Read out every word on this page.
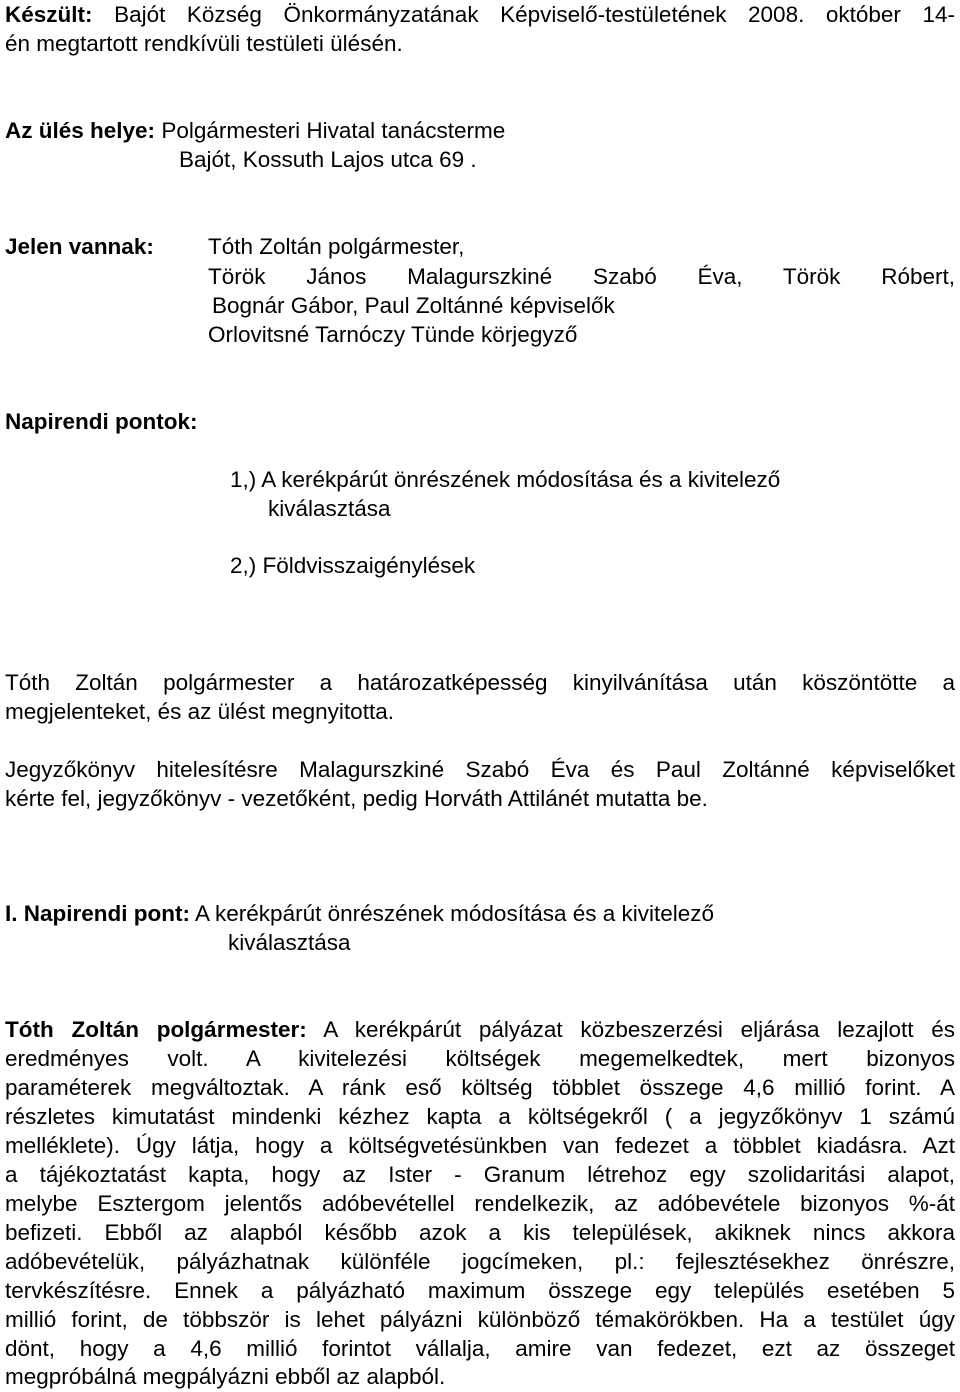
Készült: Bajót Község Önkormányzatának Képviselő-testületének 2008. október 14-
én megtartott rendkívüli testületi ülésén.
Az ülés helye: Polgármesteri Hivatal tanácsterme
Bajót, Kossuth Lajos utca 69 .
Jelen vannak: Tóth Zoltán polgármester,
Török János Malagurszkiné Szabó Éva, Török Róbert,
Bognár Gábor, Paul Zoltánné képviselők
Orlovitsné Tarnóczy Tünde körjegyző
Napirendi pontok:
1,) A kerékpárút önrészének módosítása és a kivitelező
kiválasztása
2,) Földvisszaigénylések
Tóth Zoltán polgármester a határozatképesség kinyilvánítása után köszöntötte a
megjelenteket, és az ülést megnyitotta.
Jegyzőkönyv hitelesítésre Malagurszkiné Szabó Éva és Paul Zoltánné képviselőket
kérte fel, jegyzőkönyv - vezetőként, pedig Horváth Attilánét mutatta be.
I. Napirendi pont: A kerékpárút önrészének módosítása és a kivitelező
kiválasztása
Tóth Zoltán polgármester: A kerékpárút pályázat közbeszerzési eljárása lezajlott és
eredményes volt. A kivitelezési költségek megemelkedtek, mert bizonyos
paraméterek megváltoztak. A ránk eső költség többlet összege 4,6 millió forint. A
részletes kimutatást mindenki kézhez kapta a költségekről ( a jegyzőkönyv 1 számú
melléklete). Úgy látja, hogy a költségvetésünkben van fedezet a többlet kiadásra. Azt
a tájékoztatást kapta, hogy az Ister - Granum létrehoz egy szolidaritási alapot,
melybe Esztergom jelentős adóbevétellel rendelkezik, az adóbevétele bizonyos %-át
befizeti. Ebből az alapból később azok a kis települések, akiknek nincs akkora
adóbevételük, pályázhatnak különféle jogcímeken, pl.: fejlesztésekhez önrészre,
tervkészítésre. Ennek a pályázható maximum összege egy település esetében 5
millió forint, de többször is lehet pályázni különböző témakörökben. Ha a testület úgy
dönt, hogy a 4,6 millió forintot vállalja, amire van fedezet, ezt az összeget
megpróbálná megpályázni ebből az alapból.
